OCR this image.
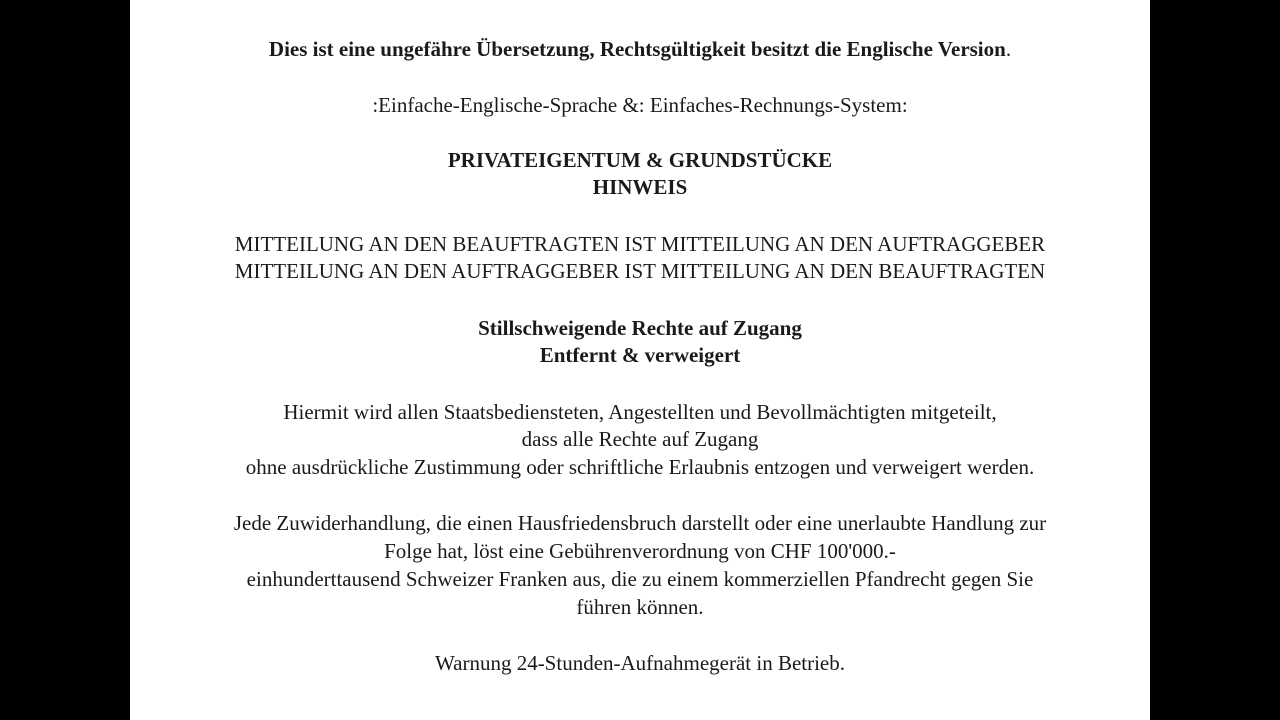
Dies ist eine ungefähre Übersetzung, Rechtsgültigkeit besitzt die Englische Version.
:Einfache-Englische-Sprache &: Einfaches-Rechnungs-System:
PRIVATEIGENTUM & GRUNDSTÜCKE
HINWEIS
MITTEILUNG AN DEN BEAUFTRAGTEN IST MITTEILUNG AN DEN AUFTRAGGEBER
MITTEILUNG AN DEN AUFTRAGGEBER IST MITTEILUNG AN DEN BEAUFTRAGTEN
Stillschweigende Rechte auf Zugang
Entfernt & verweigert
Hiermit wird allen Staatsbediensteten, Angestellten und Bevollmächtigten mitgeteilt,
dass alle Rechte auf Zugang
ohne ausdrückliche Zustimmung oder schriftliche Erlaubnis entzogen und verweigert werden.
Jede Zuwiderhandlung, die einen Hausfriedensbruch darstellt oder eine unerlaubte Handlung zur
Folge hat, löst eine Gebührenverordnung von CHF 100'000.-
einhunderttausend Schweizer Franken aus, die zu einem kommerziellen Pfandrecht gegen Sie
führen können.
Warnung 24-Stunden-Aufnahmegerät in Betrieb.
